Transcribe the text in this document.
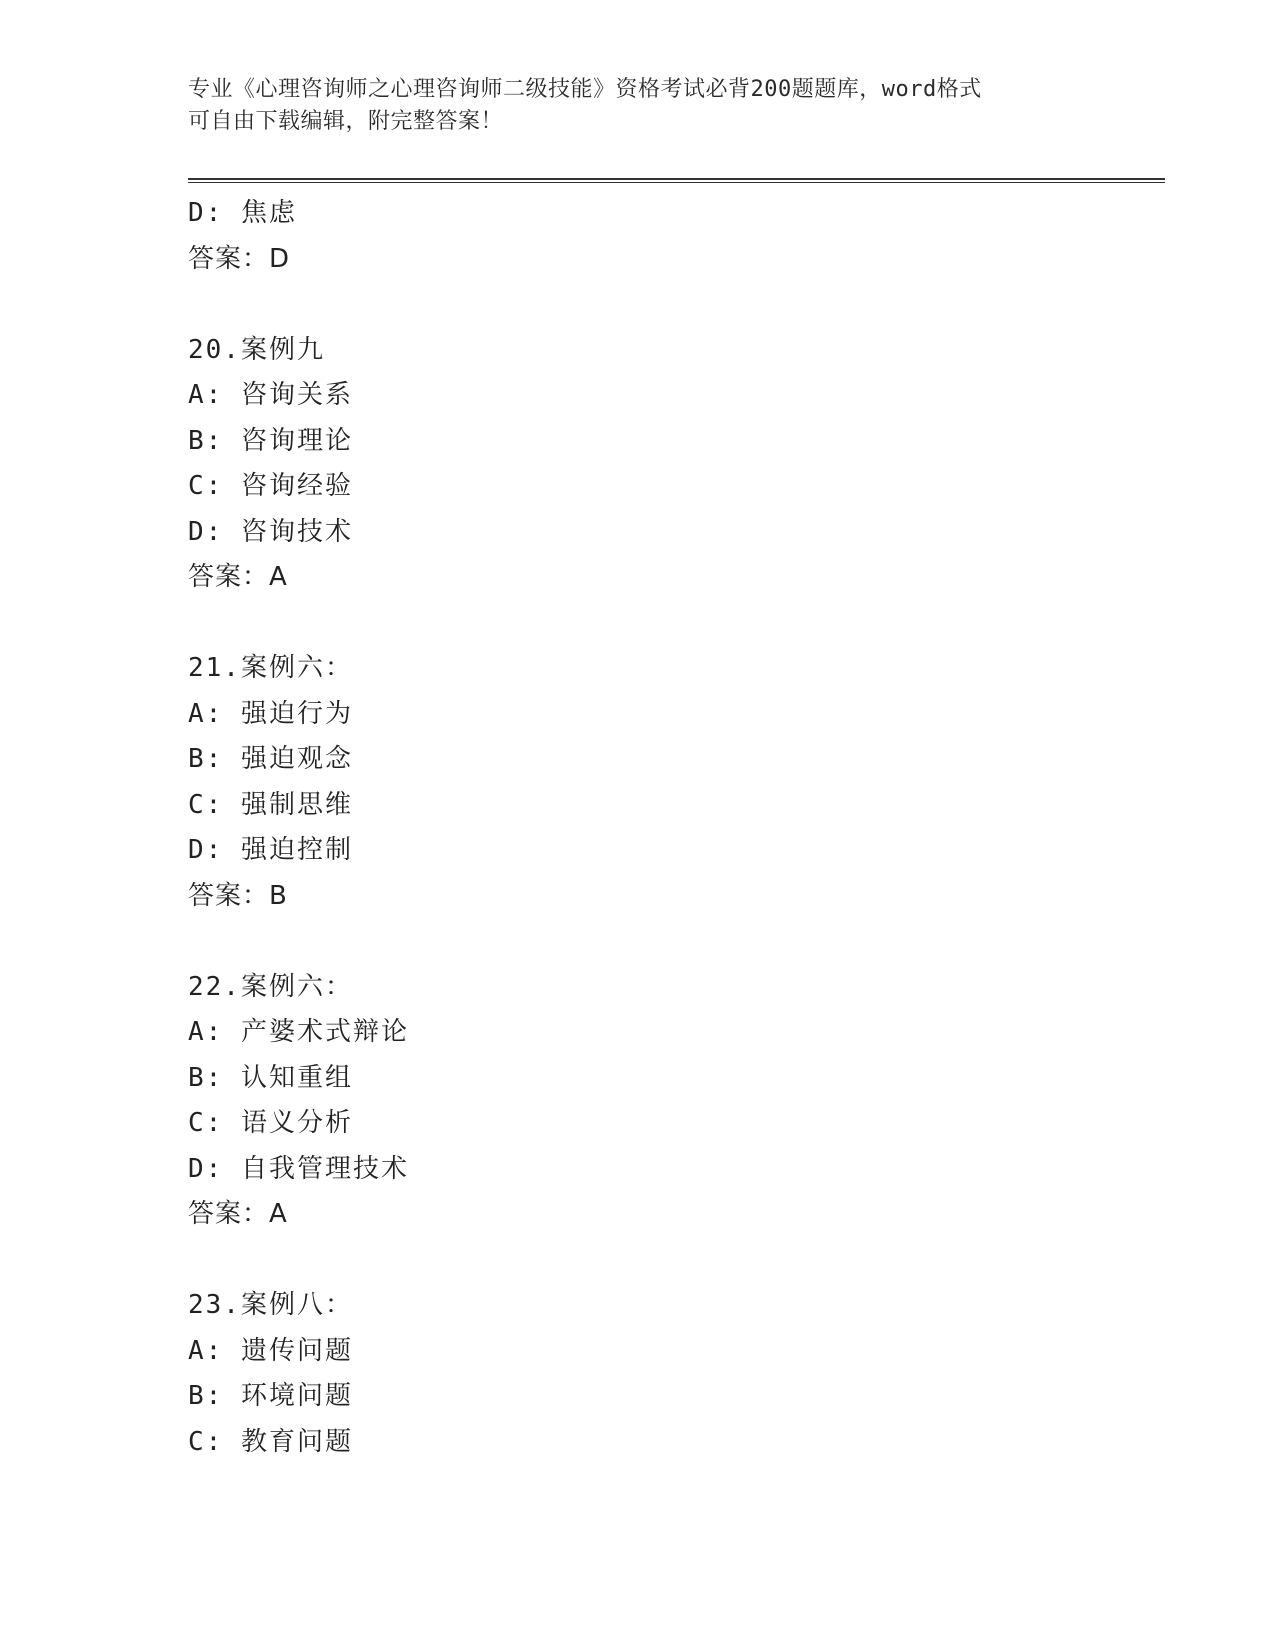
专业《心理咨询师之心理咨询师二级技能》资格考试必背200题题库，word格式
可自由下载编辑，附完整答案！
D: 焦虑
答案：D
20.案例九
A: 咨询关系
B: 咨询理论
C: 咨询经验
D: 咨询技术
答案：A
21.案例六：
A: 强迫行为
B: 强迫观念
C: 强制思维
D: 强迫控制
答案：B
22.案例六：
A: 产婆术式辩论
B: 认知重组
C: 语义分析
D: 自我管理技术
答案：A
23.案例八：
A: 遗传问题
B: 环境问题
C: 教育问题
